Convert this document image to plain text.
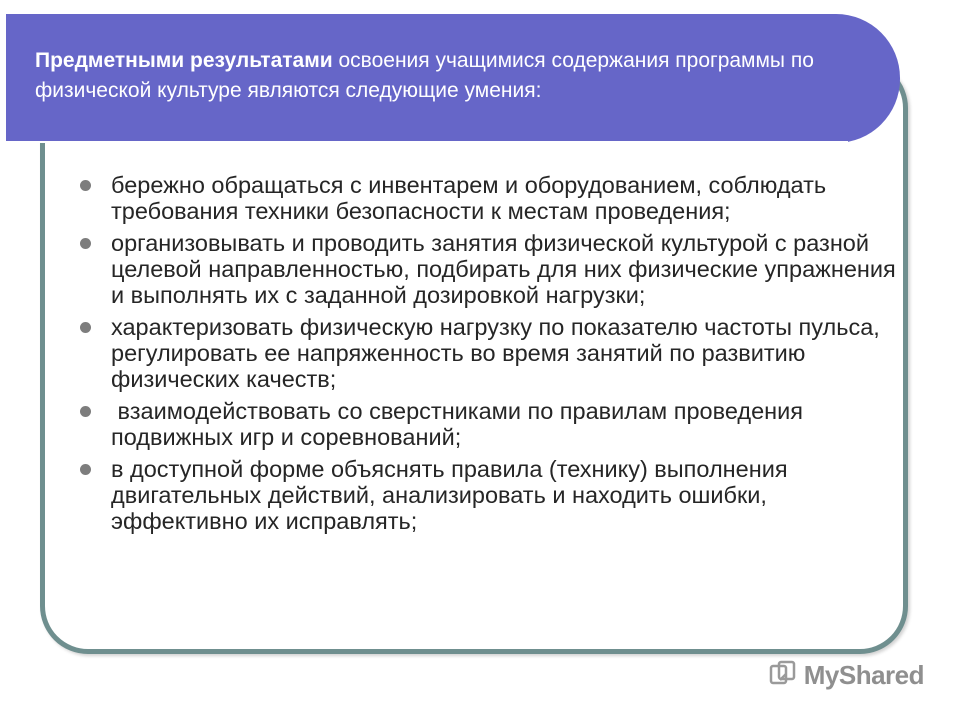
Предметными результатами освоения учащимися содержания программы по физической культуре являются следующие умения:
бережно обращаться с инвентарем и оборудованием, соблюдать требования техники безопасности к местам проведения;
организовывать и проводить занятия физической культурой с разной целевой направленностью, подбирать для них физические упражнения и выполнять их с заданной дозировкой нагрузки;
характеризовать физическую нагрузку по показателю частоты пульса, регулировать ее напряженность во время занятий по развитию физических качеств;
взаимодействовать со сверстниками по правилам проведения подвижных игр и соревнований;
в доступной форме объяснять правила (технику) выполнения двигательных действий, анализировать и находить ошибки, эффективно их исправлять;
MyShared
